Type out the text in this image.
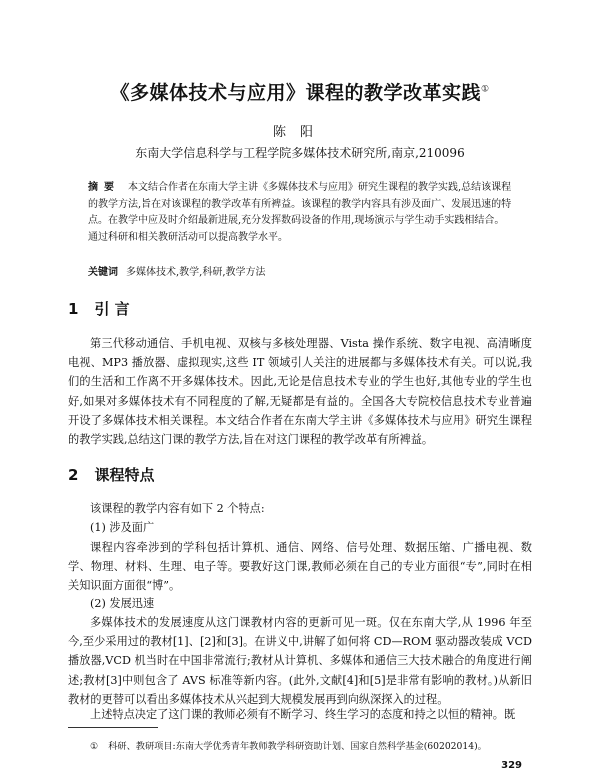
《多媒体技术与应用》课程的教学改革实践①
陈阳
东南大学信息科学与工程学院多媒体技术研究所,南京,210096
摘要 本文结合作者在东南大学主讲《多媒体技术与应用》研究生课程的教学实践,总结该课程的教学方法,旨在对该课程的教学改革有所裨益。该课程的教学内容具有涉及面广、发展迅速的特点。在教学中应及时介绍最新进展,充分发挥数码设备的作用,现场演示与学生动手实践相结合。通过科研和相关教研活动可以提高教学水平。
关键词 多媒体技术,教学,科研,教学方法
1 引 言

第三代移动通信、手机电视、双核与多核处理器、Vista 操作系统、数字电视、高清晰度电视、MP3 播放器、虚拟现实,这些 IT 领域引人关注的进展都与多媒体技术有关。可以说,我们的生活和工作离不开多媒体技术。因此,无论是信息技术专业的学生也好,其他专业的学生也好,如果对多媒体技术有不同程度的了解,无疑都是有益的。全国各大专院校信息技术专业普遍开设了多媒体技术相关课程。本文结合作者在东南大学主讲《多媒体技术与应用》研究生课程的教学实践,总结这门课的教学方法,旨在对这门课程的教学改革有所裨益。

2 课程特点
该课程的教学内容有如下 2 个特点:
(1) 涉及面广

课程内容牵涉到的学科包括计算机、通信、网络、信号处理、数据压缩、广播电视、数学、物理、材料、生理、电子等。要教好这门课,教师必须在自己的专业方面很“专”,同时在相关知识面方面很“博”。

(2) 发展迅速

多媒体技术的发展速度从这门课教材内容的更新可见一斑。仅在东南大学,从 1996 年至今,至少采用过的教材[1]、[2]和[3]。在讲义中,讲解了如何将 CD—ROM 驱动器改装成 VCD 播放器,VCD 机当时在中国非常流行;教材从计算机、多媒体和通信三大技术融合的角度进行阐述;教材[3]中则包含了 AVS 标准等新内容。(此外,文献[4]和[5]是非常有影响的教材。)从新旧教材的更替可以看出多媒体技术从兴起到大规模发展再到向纵深探入的过程。

上述特点决定了这门课的教师必须有不断学习、终生学习的态度和持之以恒的精神。既

① 科研、教研项目:东南大学优秀青年教师教学科研资助计划、国家自然科学基金(60202014)。
329
